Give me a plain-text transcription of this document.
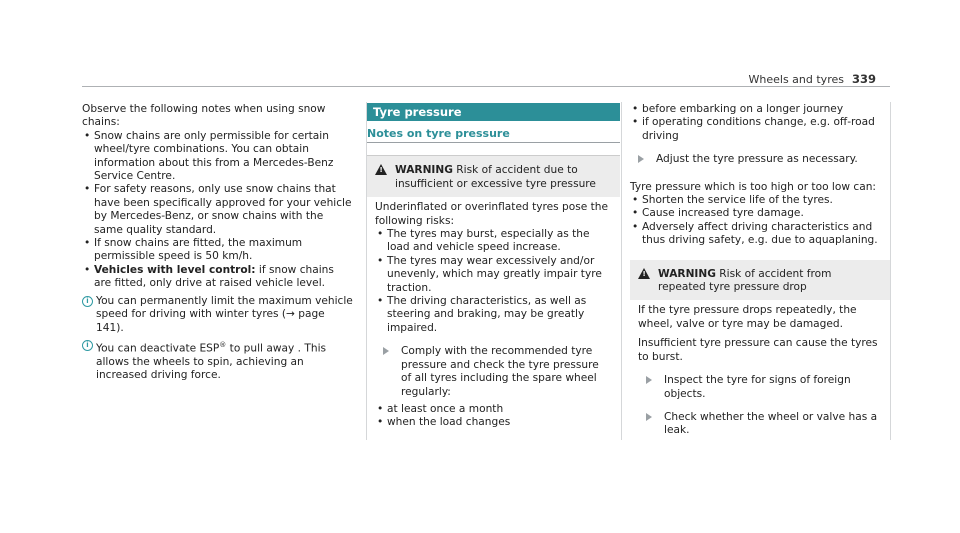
Wheels and tyres 339

Observe the following notes when using snow chains:

• Snow chains are only permissible for certain wheel/tyre combinations. You can obtain information about this from a Mercedes-Benz Service Centre.
• For safety reasons, only use snow chains that have been specifically approved for your vehicle by Mercedes-Benz, or snow chains with the same quality standard.
• If snow chains are fitted, the maximum permissible speed is 50 km/h.
• Vehicles with level control: if snow chains are fitted, only drive at raised vehicle level.
i You can permanently limit the maximum vehicle speed for driving with winter tyres (→ page 141).
i You can deactivate ESP® to pull away . This allows the wheels to spin, achieving an increased driving force.
Tyre pressure
Notes on tyre pressure
! WARNING Risk of accident due to insufficient or excessive tyre pressure

Underinflated or overinflated tyres pose the following risks:

• The tyres may burst, especially as the load and vehicle speed increase.
• The tyres may wear excessively and/or unevenly, which may greatly impair tyre traction.
• The driving characteristics, as well as steering and braking, may be greatly impaired.
Comply with the recommended tyre pressure and check the tyre pressure of all tyres including the spare wheel regularly:
• at least once a month
• when the load changes
• before embarking on a longer journey
• if operating conditions change, e.g. off-road driving
Adjust the tyre pressure as necessary.

Tyre pressure which is too high or too low can:

• Shorten the service life of the tyres.
• Cause increased tyre damage.
• Adversely affect driving characteristics and thus driving safety, e.g. due to aquaplaning.
! WARNING Risk of accident from repeated tyre pressure drop

If the tyre pressure drops repeatedly, the wheel, valve or tyre may be damaged.

Insufficient tyre pressure can cause the tyres to burst.

Inspect the tyre for signs of foreign objects.
Check whether the wheel or valve has a leak.
